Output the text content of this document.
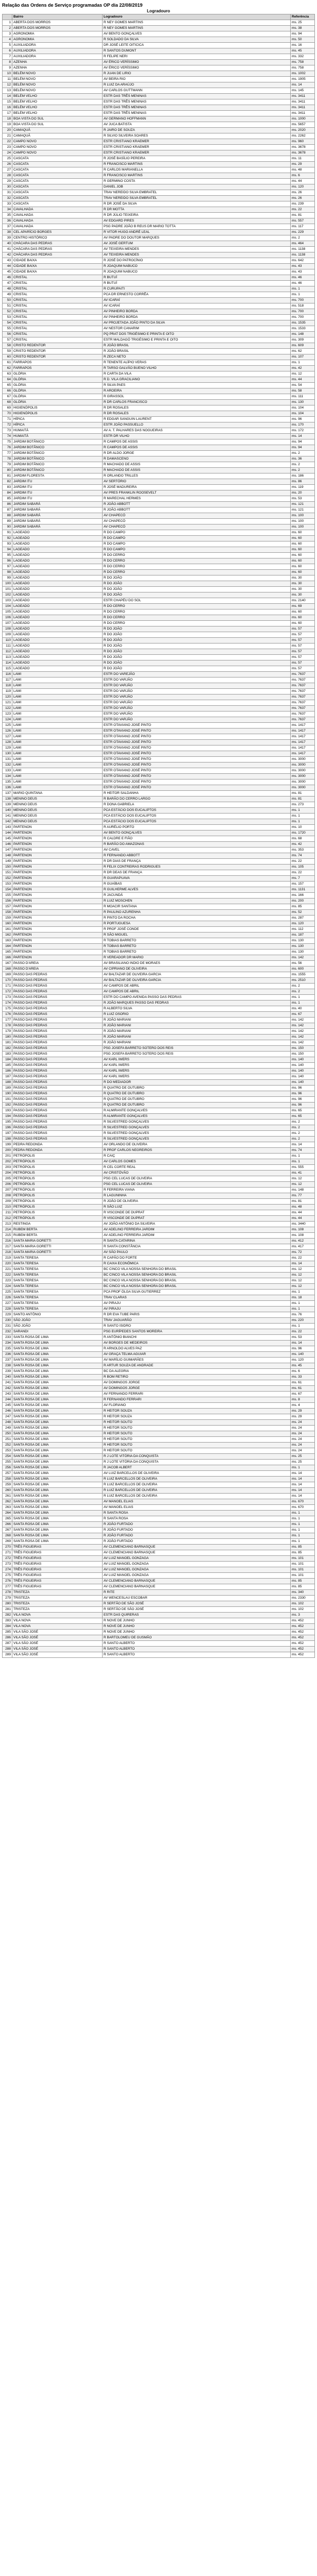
Relação das Ordens de Serviço programadas OP dia 22/08/2019
Logradouro
	Bairro	Logradouro	Referência
1	ABERTA DOS MORROS	R NEY GOMES MARTINS	ms. 25
2	ABERTA DOS MORROS	R NEY GOMES MARTINS	ms. 38
3	AGRONOMIA	AV BENTO GONÇALVES	ms. 94
4	AGRONOMIA	R SOLDADO DA SILVA	ms. 50
5	AUXILIADORA	DR JOSÉ LEITE OITICICA	ms. 16
6	AUXILIADORA	R SANTOS DUMONT	ms. 45
7	AUXILIADORA	R FELIPE NERI	ms. 332
8	AZENHA	AV ÉRICO VERÍSSIMO	ms. 758
9	AZENHA	AV ÉRICO VERÍSSIMO	ms. 758
10	BELÉM NOVO	R JUAN DE LIRIO	ms. 1002
11	BELÉM NOVO	AV BEIRA RIO	ms. 1905
12	BELÉM NOVO	R LUIZ DA ARAÚJO	ms. 14
13	BELÉM NOVO	AV CARLOS GUTTMANN	ms. 145
14	BELÉM VELHO	ESTR DAS TRÊS MENINAS	ms. 3411
15	BELÉM VELHO	ESTR DAS TRÊS MENINAS	ms. 3411
16	BELÉM VELHO	ESTR DAS TRÊS MENINAS	ms. 3411
17	BELÉM VELHO	ESTR DAS TRÊS MENINAS	ms. 3411
18	BOA VISTA DO SUL	AV GERMANO HOFFMANN	ms. 1000
19	BOA VISTA DO SUL	AV JUCA BATISTA	ms. 5657
20	CAMAQUÃ	R JAIRO DE SOUZA	ms. 2020
21	CAMAQUÃ	R SILVIO SILVEIRA SOARES	ms. 2262
22	CAMPO NOVO	ESTR CRISTIANO KRAEMER	ms. 960
23	CAMPO NOVO	ESTR CRISTIANO KRAEMER	ms. 3678
24	CAMPO NOVO	ESTR CRISTIANO KRAEMER	ms. 3678
25	CASCATA	R JOSÉ BASÍLIO PEREIRA	ms. 11
26	CASCATA	R FRANCISCO MARTINS	ms. 29
27	CASCATA	R CARLOS MARIANELLA	ms. 48
28	CASCATA	R FRANCISCO MARTINS	ms. 6
29	CASCATA	R GERMINO COSTA	ms. 44
30	CASCATA	DANIEL JOB	ms. 120
31	CASCATA	TRAV NEREIDO SILVA EMBRATEL	ms. 26
32	CASCATA	TRAV NEREIDO SILVA EMBRATEL	ms. 26
33	CASCATA	R DR JOSÉ DA SILVA	ms. 239
34	CAVALHADA	R DR MOTTA	ms. 22
35	CAVALHADA	R DR JÚLIO TEIXEIRA	ms. 81
36	CAVALHADA	AV EDGARD PIRES	ms. 557
37	CAVALHADA	PSG PADRE JOÃO B REUS DR MARIO TOTTA	ms. 117
38	CEL APARÍCIO BORGES	R VITOR HUGO ANDRÉ LEAL	ms. 229
39	CENTRO HISTÓRICO	AV PADRE DO DOUTOR MARQUES	ms. 2
40	CHÁCARA DAS PEDRAS	AV JOSÉ GERTUM	ms. 464
41	CHÁCARA DAS PEDRAS	AV TEIXEIRA MENDES	ms. 1138
42	CHÁCARA DAS PEDRAS	AV TEIXEIRA MENDES	ms. 1138
43	CIDADE BAIXA	R JOSÉ DO PATROCÍNIO	ms. 642
44	CIDADE BAIXA	R JOAQUIM NABUCO	ms. 43
45	CIDADE BAIXA	R JOAQUIM NABUCO	ms. 43
46	CRISTAL	R BUTUÍ	ms. 46
47	CRISTAL	R BUTUÍ	ms. 46
48	CRISTAL	R CURUPAITI	ms. 1
49	CRISTAL	PCA DR ERNESTO CORRÊA	ms. 1
50	CRISTAL	AV ICARAÍ	ms. 700
51	CRISTAL	AV ICARAÍ	ms. 518
52	CRISTAL	AV PINHEIRO BORDA	ms. 700
53	CRISTAL	AV PINHEIRO BORDA	ms. 700
54	CRISTAL	AV PROJETADA JOÃO PINTO DA SILVA	ms. 1535
55	CRISTAL	AV NESTOR CANARIM	ms. 1533
56	CRISTAL	PQ PRAT DOS TRIGÉSIMO E PRINTA E OITO	ms. 148
57	CRISTAL	ESTR MALDAGÓ TRIGÉSIMO E PRINTA E OITO	ms. 309
58	CRISTO REDENTOR	R JOÃO BRASIL	ms. 609
59	CRISTO REDENTOR	R JOÃO BRASIL	ms. 62
60	CRISTO REDENTOR	R ZECA NETO	ms. 107
61	FARRAPOS	R TENENTE ALÍPIO VERAS	ms. 1
62	FARRAPOS	R TARSO GALVÃO BUENO VILHO	ms. 42
63	GLÓRIA	R CARTA DA VILA	ms. 12
64	GLÓRIA	R D. VILA GRACILIANO	ms. 44
65	GLÓRIA	R SILVA PAES	ms. 54
66	GLÓRIA	R AROEIRA	ms. 58
67	GLÓRIA	R GIRASSOL	ms. 111
68	GLÓRIA	R DR CARLOS FRANCISCO	ms. 130
69	HIGIENÓPOLIS	R DR ROSALES	ms. 104
70	HIGIENÓPOLIS	R DR ROSALES	ms. 104
71	HÍPICA	R EDGAR SANGUIN LAURENT	ms. 96
72	HÍPICA	ESTR JOÃO PASSUELLO	ms. 170
73	HUMAITÁ	AV A. T. PALHARES DAS NOGUEIRAS	ms. 172
74	HUMAITÁ	ESTR DR VILHO	ms. 14
75	JARDIM BOTÂNICO	R CAMPOS DE ASSIS	ms. 94
76	JARDIM BOTÂNICO	R CAMPOS DE ASSIS	ms. 94
77	JARDIM BOTÂNICO	R DR ALDO JORGE	ms. 2
78	JARDIM BOTÂNICO	R DAMASCENO	ms. 36
79	JARDIM BOTÂNICO	R MACHADO DE ASSIS	ms. 2
80	JARDIM BOTÂNICO	R MACHADO DE ASSIS	ms. 2
81	JARDIM FLORESTA	R ORLANDO TRILLES	ms. 186
82	JARDIM ITU	AV SERTÓRIO	ms. 86
83	JARDIM ITU	R JOSÉ MADUREIRA	ms. 119
84	JARDIM ITU	AV PRES FRANKLIN ROOSEVELT	ms. 20
85	JARDIM ITU	R MARECHAL HERMES	ms. 53
86	JARDIM SABARÁ	R JOÃO ABBOTT	ms. 121
87	JARDIM SABARÁ	R JOÃO ABBOTT	ms. 121
88	JARDIM SABARÁ	AV CHAPECÓ	ms. 100
89	JARDIM SABARÁ	AV CHAPECÓ	ms. 100
90	JARDIM SABARÁ	AV CHAPECÓ	ms. 100
91	LAGEADO	R DO CAMPO	ms. 60
92	LAGEADO	R DO CAMPO	ms. 60
93	LAGEADO	R DO CAMPO	ms. 60
94	LAGEADO	R DO CAMPO	ms. 60
95	LAGEADO	R DO CERRO	ms. 60
96	LAGEADO	R DO CERRO	ms. 60
97	LAGEADO	R DO CERRO	ms. 60
98	LAGEADO	R DO CERRO	ms. 60
99	LAGEADO	R DO JOÃO	ms. 30
100	LAGEADO	R DO JOÃO	ms. 30
101	LAGEADO	R DO JOÃO	ms. 30
102	LAGEADO	R DO JOÃO	ms. 30
103	LAGEADO	ESTR CHAPÉU DO SOL	ms. 2140
104	LAGEADO	R DO CERRO	ms. 69
105	LAGEADO	R DO CERRO	ms. 60
106	LAGEADO	R DO CERRO	ms. 60
107	LAGEADO	R DO CERRO	ms. 60
108	LAGEADO	R DO JOÃO	ms. 57
109	LAGEADO	R DO JOÃO	ms. 57
110	LAGEADO	R DO JOÃO	ms. 57
111	LAGEADO	R DO JOÃO	ms. 57
112	LAGEADO	R DO JOÃO	ms. 57
113	LAGEADO	R DO JOÃO	ms. 57
114	LAGEADO	R DO JOÃO	ms. 57
115	LAGEADO	R DO JOÃO	ms. 57
116	LAMI	ESTR DO VAREJÃO	ms. 7637
117	LAMI	ESTR DO VARJÃO	ms. 7637
118	LAMI	ESTR DO VARJÃO	ms. 7637
119	LAMI	ESTR DO VARJÃO	ms. 7637
120	LAMI	ESTR DO VARJÃO	ms. 7637
121	LAMI	ESTR DO VARJÃO	ms. 7637
122	LAMI	ESTR DO VARJÃO	ms. 7637
123	LAMI	ESTR DO VARJÃO	ms. 7637
124	LAMI	ESTR DO VARJÃO	ms. 7637
125	LAMI	ESTR OTAVIANO JOSÉ PINTO	ms. 1417
126	LAMI	ESTR OTAVIANO JOSÉ PINTO	ms. 1417
127	LAMI	ESTR OTAVIANO JOSÉ PINTO	ms. 1417
128	LAMI	ESTR OTAVIANO JOSÉ PINTO	ms. 1417
129	LAMI	ESTR OTAVIANO JOSÉ PINTO	ms. 1417
130	LAMI	ESTR OTAVIANO JOSÉ PINTO	ms. 1417
131	LAMI	ESTR OTAVIANO JOSÉ PINTO	ms. 3000
132	LAMI	ESTR OTAVIANO JOSÉ PINTO	ms. 3000
133	LAMI	ESTR OTAVIANO JOSÉ PINTO	ms. 3000
134	LAMI	ESTR OTAVIANO JOSÉ PINTO	ms. 3000
135	LAMI	ESTR OTAVIANO JOSÉ PINTO	ms. 3000
136	LAMI	ESTR OTAVIANO JOSÉ PINTO	ms. 3000
137	MARIO QUINTANA	R HEITOR SALDANHA	ms. 81
138	MENINO DEUS	R BARÃO DO CERRO LARGO	ms. 81
139	MENINO DEUS	R DONA GABRIELA	ms. 273
140	MENINO DEUS	PCA ESTÁCIO DOS EUCALIPTOS	ms. 1
141	MENINO DEUS	PCA ESTÁCIO DOS EUCALIPTOS	ms. 1
142	MENINO DEUS	PCA ESTÁCIO DOS EUCALIPTOS	ms. 1
143	PARTENON	R AURÉLIO PORTO	ms. 10
144	PARTENON	AV BENTO GONÇALVES	ms. 1720
145	PARTENON	R CALDRE E FIÃO	ms. 68
146	PARTENON	R BARÃO DO AMAZONAS	ms. 42
147	PARTENON	AV CAVEL	ms. 353
148	PARTENON	R FERNANDO ABBOTT	ms. 74
149	PARTENON	R DR DIAS DE FRANÇA	ms. 22
150	PARTENON	R FELIX CONTREIRAS RODRIGUES	ms. 105
151	PARTENON	R DR DEAS DE FRANÇA	ms. 22
152	PARTENON	R GUARAPUAVA	ms. 7
153	PARTENON	R GUAÍBAS	ms. 157
154	PARTENON	R GUILHERME ALVES	ms. 1131
155	PARTENON	R JACUNDÁ	ms. 166
156	PARTENON	R LUIZ MOSCHEN	ms. 200
157	PARTENON	R MOACIR SANTANA	ms. 85
158	PARTENON	R PAULINO AZURENHA	ms. 52
159	PARTENON	R PINTO DA ROCHA	ms. 287
160	PARTENON	R PORTUGUESA	ms. 120
161	PARTENON	R PROF JOSÉ CONDE	ms. 112
162	PARTENON	R SÃO MIGUEL	ms. 187
163	PARTENON	R TOBIAS BARRETO	ms. 130
164	PARTENON	R TOBIAS BARRETO	ms. 130
165	PARTENON	R TOBIAS BARRETO	ms. 130
166	PARTENON	R VEREADOR DR MARIO	ms. 142
167	PASSO D'AREIA	AV BRASILIANO INDIO DE MORAES	ms. 56
168	PASSO D'AREIA	AV CIPRIANO DE OLIVEIRA	ms. 600
169	PASSO DAS PEDRAS	AV BALTAZAR DE OLIVEIRA GARCIA	ms. 1555
170	PASSO DAS PEDRAS	AV BALTAZAR DE OLIVEIRA GARCIA	ms. 2510
171	PASSO DAS PEDRAS	AV CAMPOS DE ABRIL	ms. 2
172	PASSO DAS PEDRAS	AV CAMPOS DE ABRIL	ms. 2
173	PASSO DAS PEDRAS	ESTR DO CAMPO AVENIDA PASSO DAS PEDRAS	ms. 1
174	PASSO DAS PEDRAS	R JOÃO MARQUES PASSO DAS PEDRAS	ms. 1
175	PASSO DAS PEDRAS	R ALBERTO SILVA	ms. 40
176	PASSO DAS PEDRAS	R LUIZ OSORIO	ms. 67
177	PASSO DAS PEDRAS	R JOÃO MARIANI	ms. 142
178	PASSO DAS PEDRAS	R JOÃO MARIANI	ms. 142
179	PASSO DAS PEDRAS	R JOÃO MARIANI	ms. 142
180	PASSO DAS PEDRAS	R JOÃO MARIANI	ms. 142
181	PASSO DAS PEDRAS	R JOÃO MARIANI	ms. 142
182	PASSO DAS PEDRAS	PSG JOSEFA BARRETO SOTERO DOS REIS	ms. 150
183	PASSO DAS PEDRAS	PSG JOSEFA BARRETO SOTERO DOS REIS	ms. 150
184	PASSO DAS PEDRAS	AV KARL IWERS	ms. 140
185	PASSO DAS PEDRAS	AV KARL IWERS	ms. 140
186	PASSO DAS PEDRAS	AV KARL IWERS	ms. 140
187	PASSO DAS PEDRAS	AV KARL IWERS	ms. 140
188	PASSO DAS PEDRAS	R DO MEDIADOR	ms. 140
189	PASSO DAS PEDRAS	R QUATRO DE OUTUBRO	ms. 96
190	PASSO DAS PEDRAS	R QUATRO DE OUTUBRO	ms. 96
191	PASSO DAS PEDRAS	R QUATRO DE OUTUBRO	ms. 96
192	PASSO DAS PEDRAS	R QUATRO DE OUTUBRO	ms. 96
193	PASSO DAS PEDRAS	R ALMIRANTE GONÇALVES	ms. 65
194	PASSO DAS PEDRAS	R ALMIRANTE GONÇALVES	ms. 65
195	PASSO DAS PEDRAS	R SILVESTRED GONÇALVES	ms. 2
196	PASSO DAS PEDRAS	R SILVESTRED GONÇALVES	ms. 2
197	PASSO DAS PEDRAS	R SILVESTRED GONÇALVES	ms. 2
198	PASSO DAS PEDRAS	R SILVESTRED GONÇALVES	ms. 2
199	PEDRA REDONDA	AV ORLANDO DE OLIVEIRA	ms. 14
200	PEDRA REDONDA	R PROF CARLOS NEGREIROS	ms. 74
201	PETRÓPOLIS	R CAIÇ	ms. 1
202	PETRÓPOLIS	AV CARLOS GOMES	ms. 1
203	PETRÓPOLIS	R CEL CORTE REAL	ms. 555
204	PETRÓPOLIS	AV CRISTÓVÃO	ms. 41
205	PETRÓPOLIS	PSG CEL LUCAS DE OLIVEIRA	ms. 12
206	PETRÓPOLIS	PSG CEL LUCAS DE OLIVEIRA	ms. 12
207	PETRÓPOLIS	R FERREIRA VIANA	ms. 148
208	PETRÓPOLIS	R LAGUNINHA	ms. 77
209	PETRÓPOLIS	R JOÃO DE OLIVEIRA	ms. 81
210	PETRÓPOLIS	R SÃO LUIZ	ms. 48
211	PETRÓPOLIS	R VISCONDE DE DUPRAT	ms. 44
212	PETRÓPOLIS	R VISCONDE DE DUPRAT	ms. 44
213	RESTINGA	AV JOÃO ANTÔNIO DA SILVEIRA	ms. 3440
214	RUBEM BERTA	AV ADELINO FERREIRA JARDIM	ms. 108
215	RUBEM BERTA	AV ADELINO FERREIRA JARDIM	ms. 108
216	SANTA MARIA GORETTI	R SANTA CATARINA	ms. 412
217	SANTA MARIA GORETTI	R SANTA CONSTÂNCIA	ms. 417
218	SANTA MARIA GORETTI	AV SÃO PAULO	ms. 72
219	SANTA TERESA	R CAPÃO DO FORTE	ms. 22
220	SANTA TERESA	R CAIXA ECONÔMICA	ms. 14
221	SANTA TERESA	BC CINCO VILA NOSSA SENHORA DO BRASIL	ms. 12
222	SANTA TERESA	BC CINCO VILA NOSSA SENHORA DO BRASIL	ms. 12
223	SANTA TERESA	BC CINCO VILA NOSSA SENHORA DO BRASIL	ms. 12
224	SANTA TERESA	BC CINCO VILA NOSSA SENHORA DO BRASIL	ms. 12
225	SANTA TERESA	PCA PROF ÓLGA SILVA GUTIERREZ	ms. 1
226	SANTA TERESA	TRAV CLARAS	ms. 18
227	SANTA TERESA	AV PIRAJU	ms. 1
228	SANTA TERESA	AV PIRAJU	ms. 1
229	SANTO ANTÔNIO	R DR EVA TUBE PARIS	ms. 76
230	SÃO JOÃO	TRAV JAGUARÃO	ms. 220
231	SÃO JOÃO	R SANTO ISIDRO	ms. 1
232	SARANDI	PSG EURÍPEDES SANTOS MOREIRA	ms. 22
233	SANTA ROSA DE LIMA	R ANTÔNIO BIANCHI	ms. 53
234	SANTA ROSA DE LIMA	AV BORGES DE MEDEIROS	ms. 14
235	SANTA ROSA DE LIMA	R ARNOLDO ALVES PAZ	ms. 96
236	SANTA ROSA DE LIMA	AV GRAÇA TELMA AGUIAR	ms. 140
237	SANTA ROSA DE LIMA	AV MARÍLIO GUIMARÃES	ms. 120
238	SANTA ROSA DE LIMA	R ARTUR SOUZA DE ANDRADE	ms. 45
239	SANTA ROSA DE LIMA	BC DA ALEGRIA	ms. 6
240	SANTA ROSA DE LIMA	R BOM RETIRO	ms. 33
241	SANTA ROSA DE LIMA	AV DOMINGOS JORGE	ms. 61
242	SANTA ROSA DE LIMA	AV DOMINGOS JORGE	ms. 61
243	SANTA ROSA DE LIMA	AV FERNANDO FERRARI	ms. 67
244	SANTA ROSA DE LIMA	R FERNANDO FERRARI	ms. 8
245	SANTA ROSA DE LIMA	AV FLORIANO	ms. 4
246	SANTA ROSA DE LIMA	R HEITOR SOUZA	ms. 29
247	SANTA ROSA DE LIMA	R HEITOR SOUZA	ms. 29
248	SANTA ROSA DE LIMA	R HEITOR SOUTO	ms. 24
249	SANTA ROSA DE LIMA	R HEITOR SOUTO	ms. 24
250	SANTA ROSA DE LIMA	R HEITOR SOUTO	ms. 24
251	SANTA ROSA DE LIMA	R HEITOR SOUTO	ms. 24
252	SANTA ROSA DE LIMA	R HEITOR SOUTO	ms. 24
253	SANTA ROSA DE LIMA	R HEITOR SOUTO	ms. 24
254	SANTA ROSA DE LIMA	R J LOTE VITÓRIA DA CONQUISTA	ms. 25
255	SANTA ROSA DE LIMA	R J LOTE VITÓRIA DA CONQUISTA	ms. 25
256	SANTA ROSA DE LIMA	R JACOB ALBERT	ms. 1
257	SANTA ROSA DE LIMA	AV LUIZ BARCELLOS DE OLIVEIRA	ms. 14
258	SANTA ROSA DE LIMA	R LUIZ BARCELLOS DE OLIVEIRA	ms. 14
259	SANTA ROSA DE LIMA	R LUIZ BARCELLOS DE OLIVEIRA	ms. 14
260	SANTA ROSA DE LIMA	R LUIZ BARCELLOS DE OLIVEIRA	ms. 14
261	SANTA ROSA DE LIMA	R LUIZ BARCELLOS DE OLIVEIRA	ms. 14
262	SANTA ROSA DE LIMA	AV MANOEL ELIAS	ms. 670
263	SANTA ROSA DE LIMA	AV MANOEL ELIAS	ms. 670
264	SANTA ROSA DE LIMA	R SANTA ROSA	ms. 1
265	SANTA ROSA DE LIMA	R SANTA ROSA	ms. 1
266	SANTA ROSA DE LIMA	R JOÃO FURTADO	ms. 1
267	SANTA ROSA DE LIMA	R JOÃO FURTADO	ms. 1
268	SANTA ROSA DE LIMA	R JOÃO FURTADO	ms. 1
269	SANTA ROSA DE LIMA	R JOÃO FURTADO	ms. 1
270	TRÊS FIGUEIRAS	AV CLEMENCIANO BARNASQUE	ms. 85
271	TRÊS FIGUEIRAS	AV CLEMENCIANO BARNASQUE	ms. 85
272	TRÊS FIGUEIRAS	AV LUIZ MANOEL GONZAGA	ms. 101
273	TRÊS FIGUEIRAS	AV LUIZ MANOEL GONZAGA	ms. 101
274	TRÊS FIGUEIRAS	AV LUIZ MANOEL GONZAGA	ms. 101
275	TRÊS FIGUEIRAS	AV LUIZ MANOEL GONZAGA	ms. 101
276	TRÊS FIGUEIRAS	AV CLEMENCIANO BARNASQUE	ms. 85
277	TRÊS FIGUEIRAS	AV CLEMENCIANO BARNASQUE	ms. 85
278	TRISTEZA	R RITE	ms. 340
279	TRISTEZA	AV WENCESLAU ESCOBAR	ms. 2330
280	TRISTEZA	R SERTÃO DE SÃO JOSÉ	ms. 102
281	TRISTEZA	R SERTÃO DE SÃO JOSÉ	ms. 102
282	VILA NOVA	ESTR DAS QUIRERAS	ms. 3
283	VILA NOVA	R NOVE DE JUNHO	ms. 452
284	VILA NOVA	R NOVE DE JUNHO	ms. 452
285	VILA SÃO JOSÉ	R NOVE DE JUNHO	ms. 452
286	VILA SÃO JOSÉ	R BARTOLOMEU DE GUSMÃO	ms. 452
287	VILA SÃO JOSÉ	R SANTO ALBERTO	ms. 452
288	VILA SÃO JOSÉ	R SANTO ALBERTO	ms. 452
289	VILA SÃO JOSÉ	R SANTO ALBERTO	ms. 452
